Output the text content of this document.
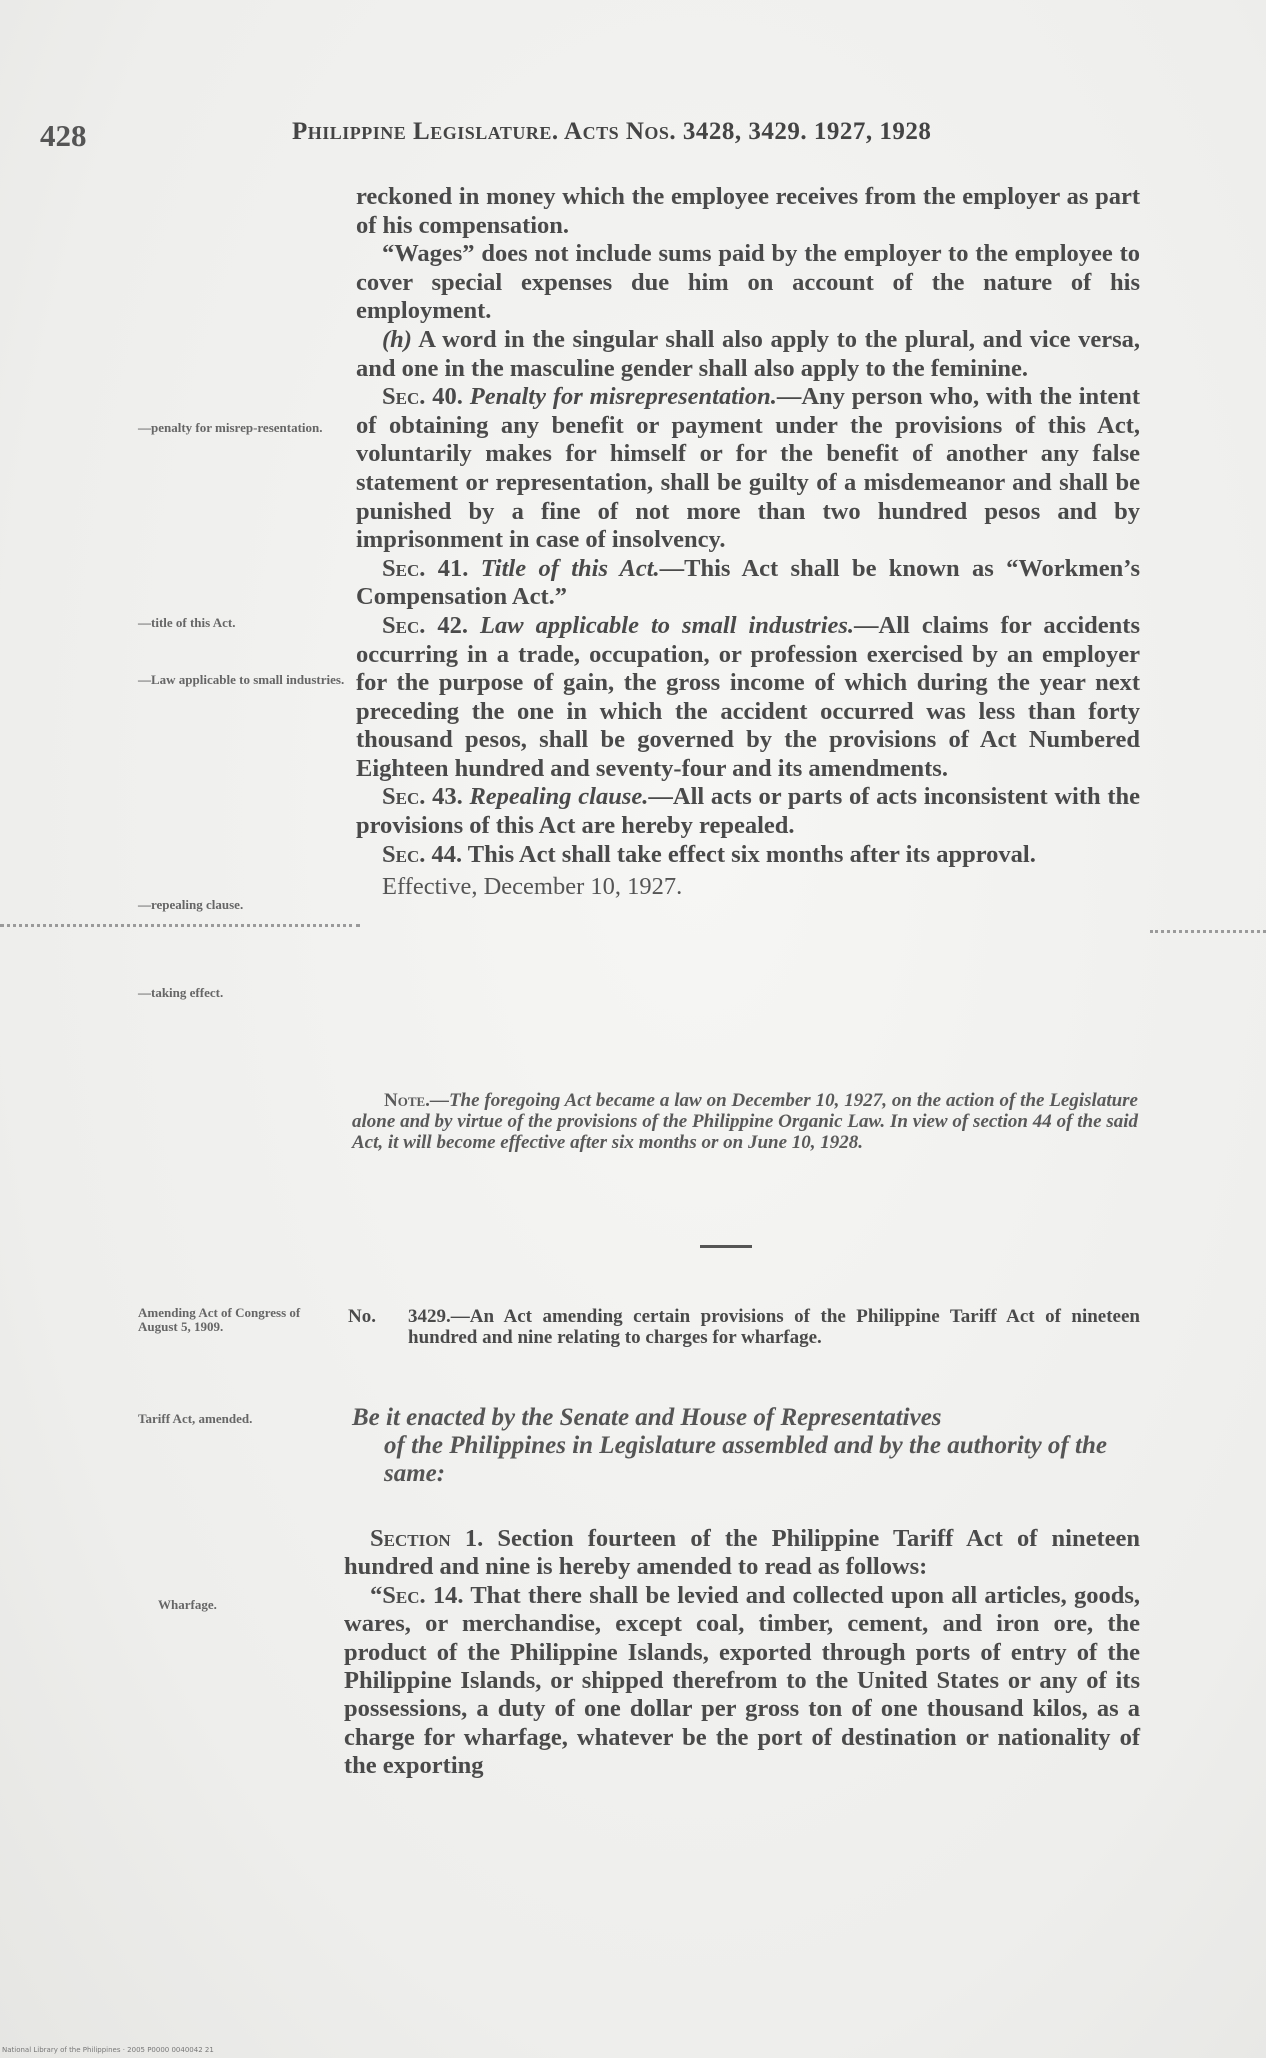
428	Philippine Legislature. Acts Nos. 3428, 3429. 1927, 1928
—penalty for misrep-resentation.
—title of this Act.
—Law applicable to small industries.
—repealing clause.
—taking effect.
Amending Act of Congress of August 5, 1909.
Tariff Act, amended.
Wharfage.

reckoned in money which the employee receives from the employer as part of his compensation.

“Wages” does not include sums paid by the employer to the employee to cover special expenses due him on account of the nature of his employment.

(h) A word in the singular shall also apply to the plural, and vice versa, and one in the masculine gender shall also apply to the feminine.

Sec. 40. Penalty for misrepresentation.—Any person who, with the intent of obtaining any benefit or payment under the provisions of this Act, voluntarily makes for himself or for the benefit of another any false statement or representation, shall be guilty of a misdemeanor and shall be punished by a fine of not more than two hundred pesos and by imprisonment in case of insolvency.

Sec. 41. Title of this Act.—This Act shall be known as “Workmen’s Compensation Act.”

Sec. 42. Law applicable to small industries.—All claims for accidents occurring in a trade, occupation, or profession exercised by an employer for the purpose of gain, the gross income of which during the year next preceding the one in which the accident occurred was less than forty thousand pesos, shall be governed by the provisions of Act Numbered Eighteen hundred and seventy-four and its amendments.

Sec. 43. Repealing clause.—All acts or parts of acts inconsistent with the provisions of this Act are hereby repealed.

Sec. 44. This Act shall take effect six months after its approval.

Effective, December 10, 1927.

Note.—The foregoing Act became a law on December 10, 1927, on the action of the Legislature alone and by virtue of the provisions of the Philippine Organic Law. In view of section 44 of the said Act, it will become effective after six months or on June 10, 1928.
No. 3429.—An Act amending certain provisions of the Philippine Tariff Act of nineteen hundred and nine relating to charges for wharfage.
Be it enacted by the Senate and House of Representatives
of the Philippines in Legislature assembled and by the authority of the same:

Section 1. Section fourteen of the Philippine Tariff Act of nineteen hundred and nine is hereby amended to read as follows:

“Sec. 14. That there shall be levied and collected upon all articles, goods, wares, or merchandise, except coal, timber, cement, and iron ore, the product of the Philippine Islands, exported through ports of entry of the Philippine Islands, or shipped therefrom to the United States or any of its possessions, a duty of one dollar per gross ton of one thousand kilos, as a charge for wharfage, whatever be the port of destination or nationality of the exporting

National Library of the Philippines · 2005 P0000 0040042 21
